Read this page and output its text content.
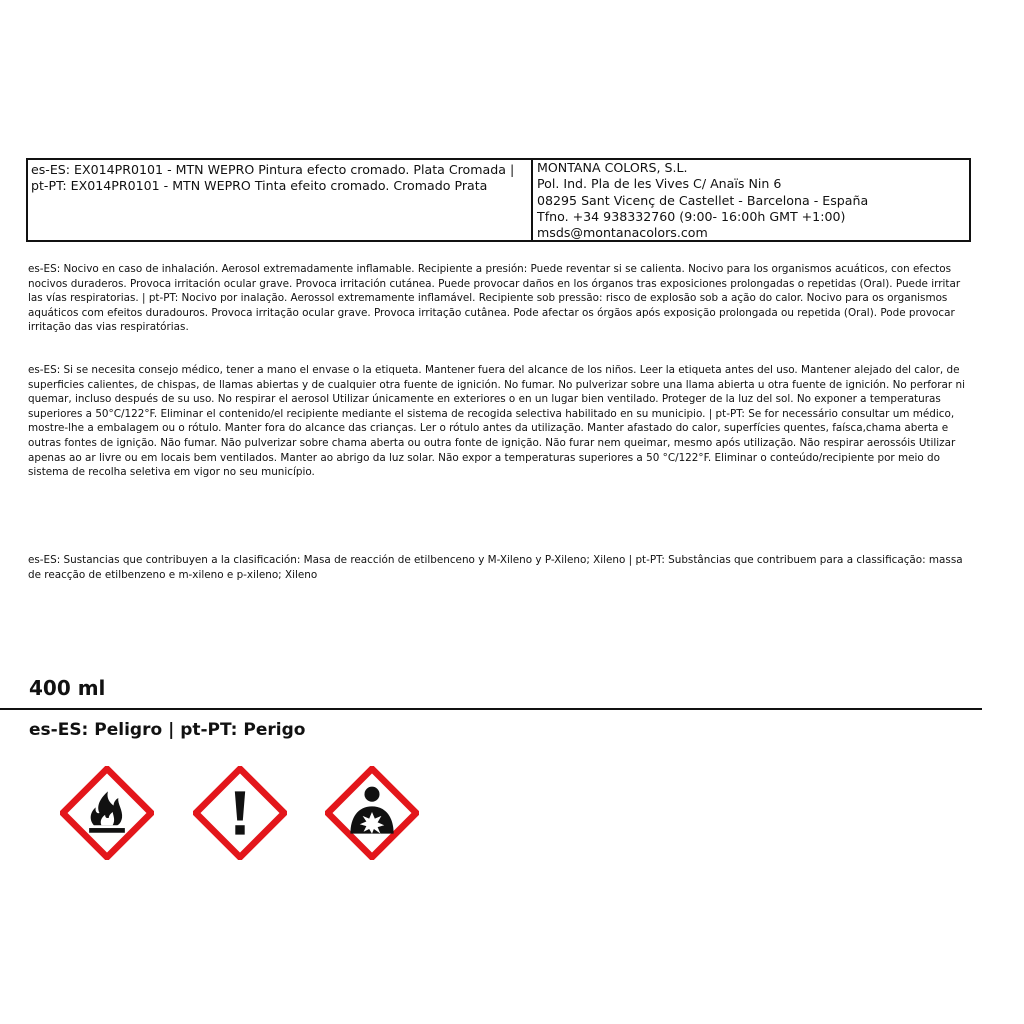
es-ES: EX014PR0101 - MTN WEPRO Pintura efecto cromado. Plata Cromada | pt-PT: EX014PR0101 - MTN WEPRO Tinta efeito cromado. Cromado Prata
MONTANA COLORS, S.L.
Pol. Ind. Pla de les Vives C/ Anaïs Nin 6
08295 Sant Vicenç de Castellet - Barcelona - España
Tfno. +34 938332760 (9:00- 16:00h GMT +1:00)
msds@montanacolors.com
es-ES: Nocivo en caso de inhalación. Aerosol extremadamente inflamable. Recipiente a presión: Puede reventar si se calienta. Nocivo para los organismos acuáticos, con efectos nocivos duraderos. Provoca irritación ocular grave. Provoca irritación cutánea. Puede provocar daños en los órganos tras exposiciones prolongadas o repetidas (Oral). Puede irritar las vías respiratorias. | pt-PT: Nocivo por inalação. Aerossol extremamente inflamável. Recipiente sob pressão: risco de explosão sob a ação do calor. Nocivo para os organismos aquáticos com efeitos duradouros. Provoca irritação ocular grave. Provoca irritação cutânea. Pode afectar os órgãos após exposição prolongada ou repetida (Oral). Pode provocar irritação das vias respiratórias.
es-ES: Si se necesita consejo médico, tener a mano el envase o la etiqueta. Mantener fuera del alcance de los niños. Leer la etiqueta antes del uso. Mantener alejado del calor, de superficies calientes, de chispas, de llamas abiertas y de cualquier otra fuente de ignición. No fumar. No pulverizar sobre una llama abierta u otra fuente de ignición. No perforar ni quemar, incluso después de su uso. No respirar el aerosol Utilizar únicamente en exteriores o en un lugar bien ventilado. Proteger de la luz del sol. No exponer a temperaturas superiores a 50°C/122°F. Eliminar el contenido/el recipiente mediante el sistema de recogida selectiva habilitado en su municipio. | pt-PT: Se for necessário consultar um médico, mostre-lhe a embalagem ou o rótulo. Manter fora do alcance das crianças. Ler o rótulo antes da utilização. Manter afastado do calor, superfícies quentes, faísca,chama aberta e outras fontes de ignição. Não fumar. Não pulverizar sobre chama aberta ou outra fonte de ignição. Não furar nem queimar, mesmo após utilização. Não respirar aerossóis Utilizar apenas ao ar livre ou em locais bem ventilados. Manter ao abrigo da luz solar. Não expor a temperaturas superiores a 50 °C/122°F. Eliminar o conteúdo/recipiente por meio do sistema de recolha seletiva em vigor no seu município.
es-ES: Sustancias que contribuyen a la clasificación: Masa de reacción de etilbenceno y M-Xileno y P-Xileno; Xileno | pt-PT: Substâncias que contribuem para a classificação: massa de reacção de etilbenzeno e m-xileno e p-xileno; Xileno
400 ml
es-ES: Peligro | pt-PT: Perigo
